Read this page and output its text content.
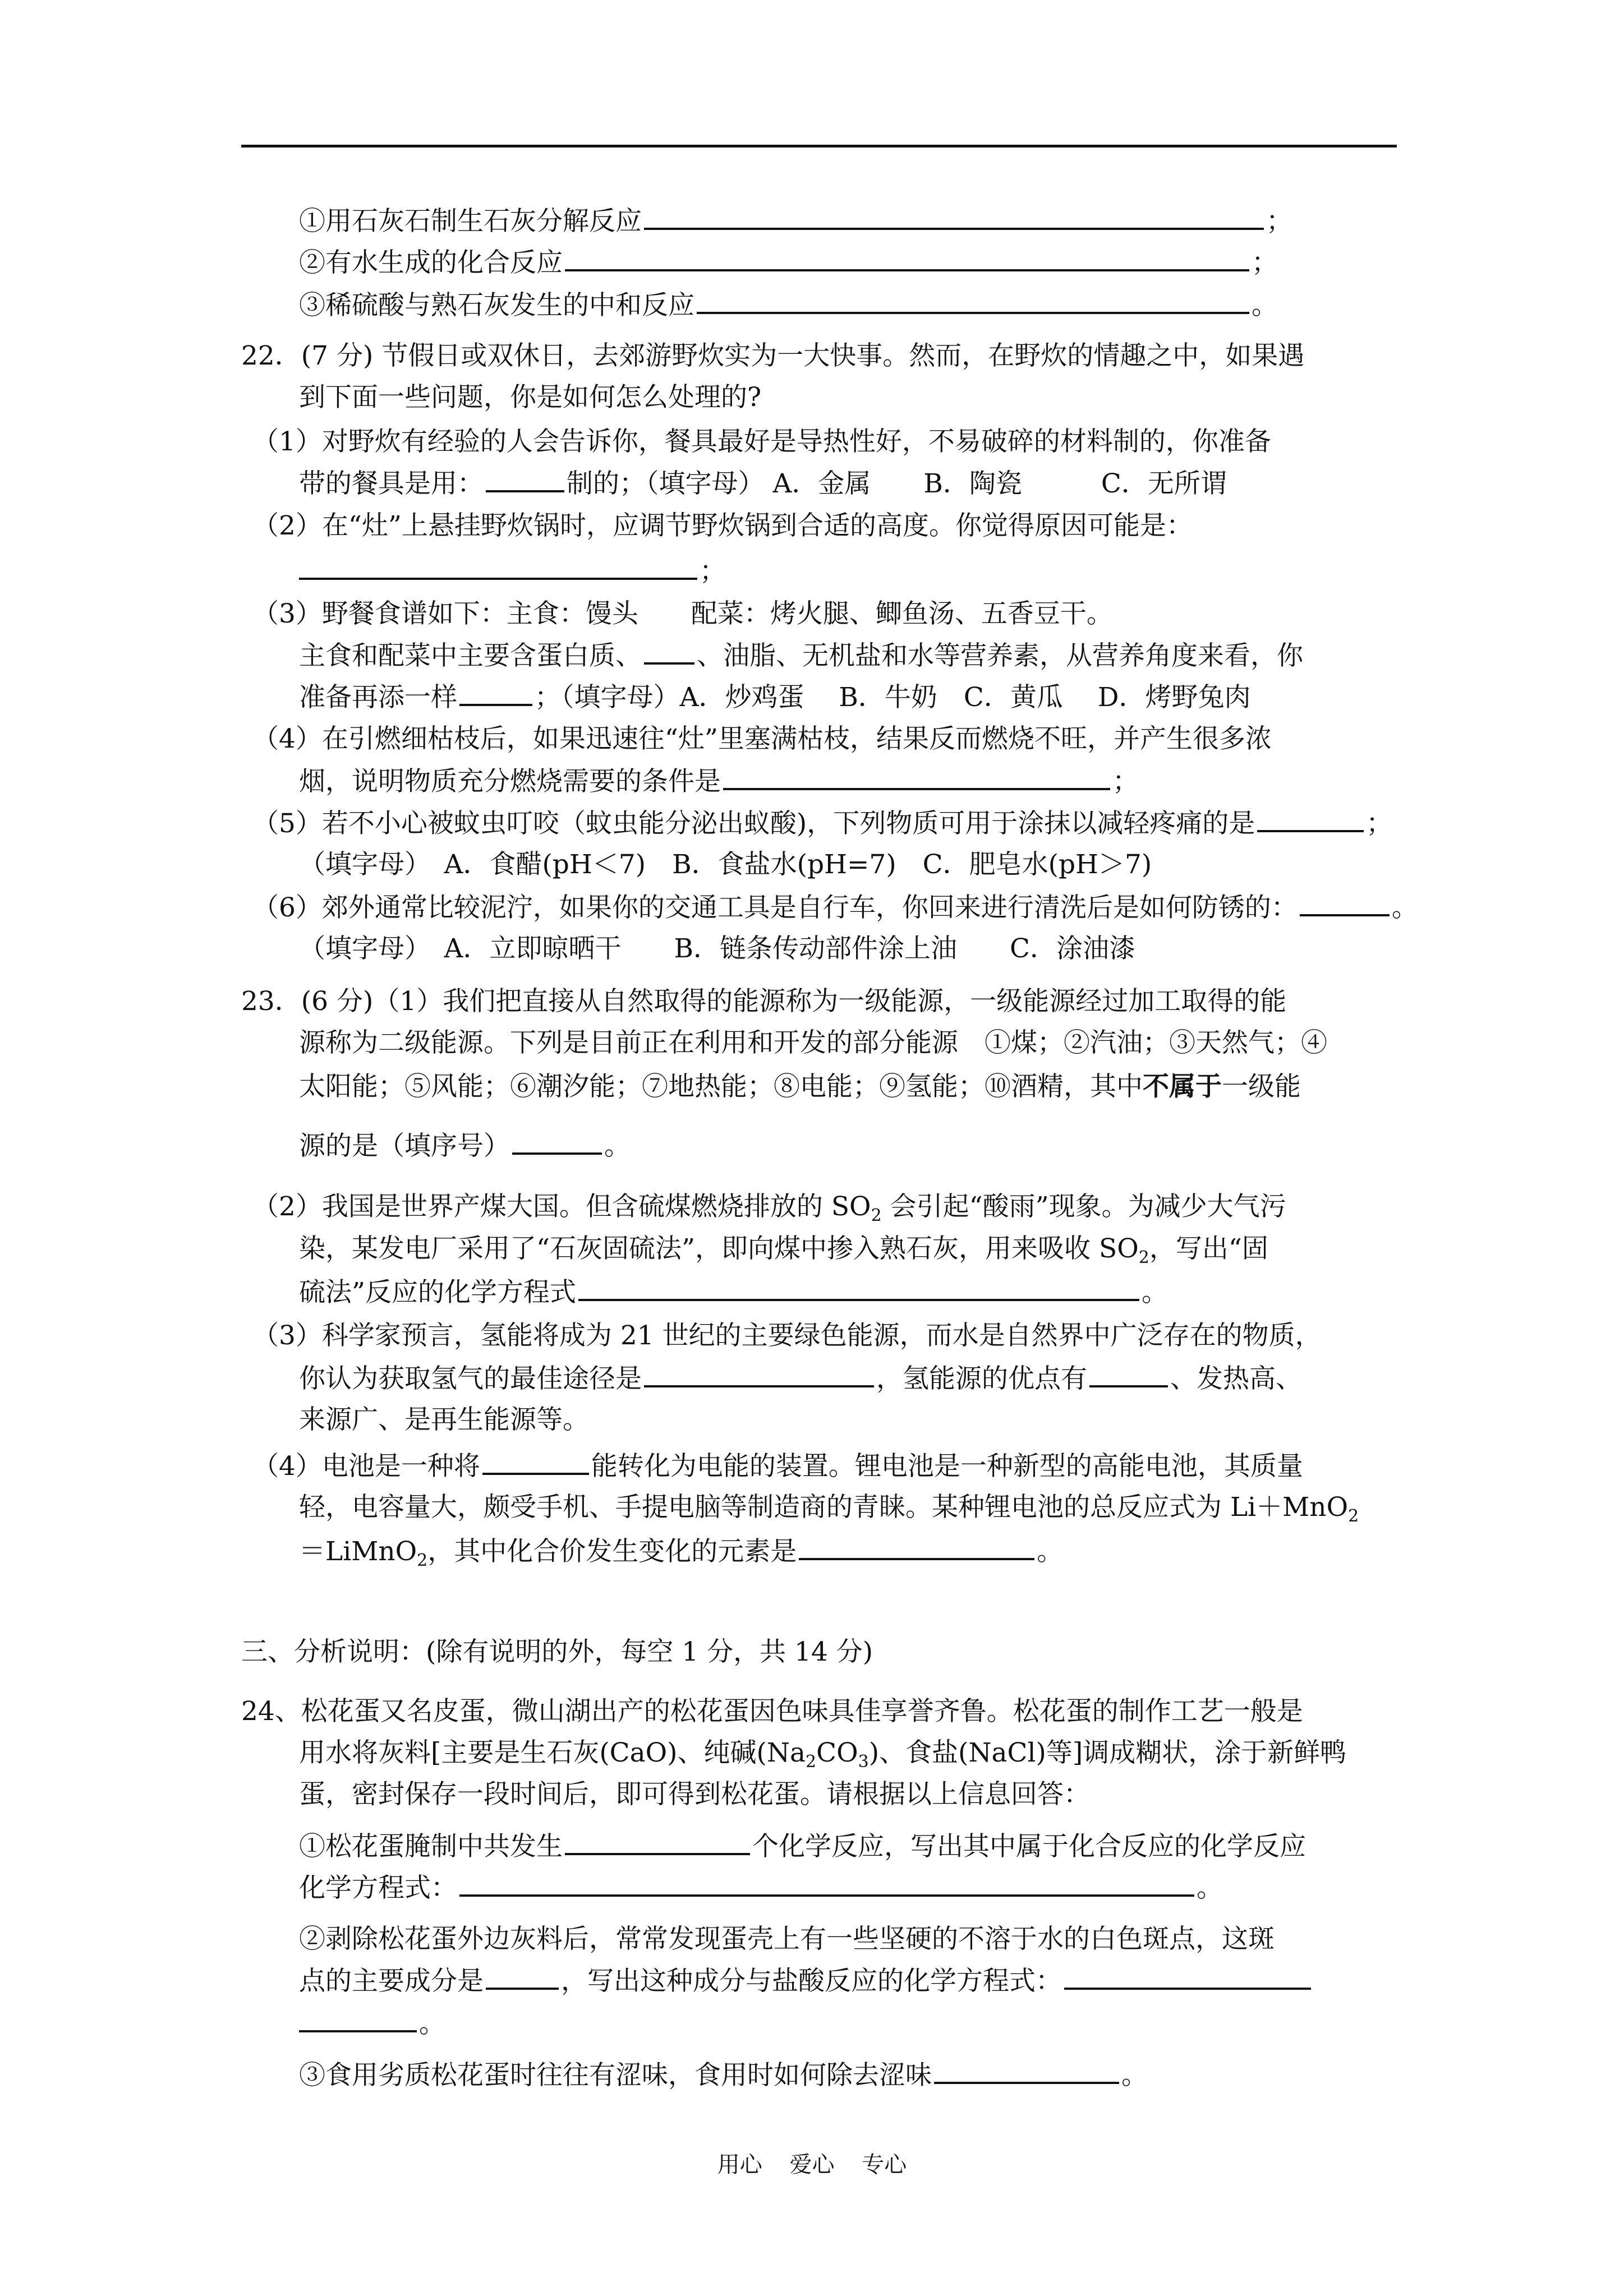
①用石灰石制生石灰分解反应	；
②有水生成的化合反应	；
③稀硫酸与熟石灰发生的中和反应	。
22．(7 分) 节假日或双休日，去郊游野炊实为一大快事。然而，在野炊的情趣之中，如果遇
到下面一些问题，你是如何怎么处理的?
（1）对野炊有经验的人会告诉你，餐具最好是导热性好，不易破碎的材料制的，你准备
带的餐具是用：	制的；（填字母） A．金属　　B．陶瓷　　　C．无所谓
（2）在“灶”上悬挂野炊锅时，应调节野炊锅到合适的高度。你觉得原因可能是：
；
（3）野餐食谱如下：主食：馒头　　配菜：烤火腿、鲫鱼汤、五香豆干。
主食和配菜中主要含蛋白质、 、油脂、无机盐和水等营养素，从营养角度来看，你
准备再添一样	；（填字母）A．炒鸡蛋　 B．牛奶　C．黄瓜　 D．烤野兔肉
（4）在引燃细枯枝后，如果迅速往“灶”里塞满枯枝，结果反而燃烧不旺，并产生很多浓
烟，说明物质充分燃烧需要的条件是	；
（5）若不小心被蚊虫叮咬（蚊虫能分泌出蚁酸)，下列物质可用于涂抹以减轻疼痛的是	；
（填字母）　A．食醋(pH＜7)　B．食盐水(pH=7)　C．肥皂水(pH＞7)
（6）郊外通常比较泥泞，如果你的交通工具是自行车，你回来进行清洗后是如何防锈的：	。
（填字母）　A．立即晾晒干　　B．链条传动部件涂上油　　C．涂油漆
23．(6 分)（1）我们把直接从自然取得的能源称为一级能源，一级能源经过加工取得的能
源称为二级能源。下列是目前正在利用和开发的部分能源　①煤；②汽油；③天然气；④
太阳能；⑤风能；⑥潮汐能；⑦地热能；⑧电能；⑨氢能；⑩酒精，其中不属于一级能
源的是（填序号）	。
（2）我国是世界产煤大国。但含硫煤燃烧排放的 $SO_2$ 会引起“酸雨”现象。为减少大气污
染，某发电厂采用了“石灰固硫法”，即向煤中掺入熟石灰，用来吸收 $SO_2$，写出“固
硫法”反应的化学方程式	。
（3）科学家预言，氢能将成为 21 世纪的主要绿色能源，而水是自然界中广泛存在的物质，
你认为获取氢气的最佳途径是	，氢能源的优点有	、发热高、
来源广、是再生能源等。
（4）电池是一种将	能转化为电能的装置。锂电池是一种新型的高能电池，其质量
轻，电容量大，颇受手机、手提电脑等制造商的青睐。某种锂电池的总反应式为 Li＋MnO$_2$
＝LiMnO$_2$，其中化合价发生变化的元素是	。
三、分析说明：(除有说明的外，每空 1 分，共 14 分)
24、松花蛋又名皮蛋，微山湖出产的松花蛋因色味具佳享誉齐鲁。松花蛋的制作工艺一般是
用水将灰料[主要是生石灰(CaO)、纯碱$(Na_2CO_3)$、食盐(NaCl)等]调成糊状，涂于新鲜鸭
蛋，密封保存一段时间后，即可得到松花蛋。请根据以上信息回答：
①松花蛋腌制中共发生	个化学反应，写出其中属于化合反应的化学反应
化学方程式：	。
②剥除松花蛋外边灰料后，常常发现蛋壳上有一些坚硬的不溶于水的白色斑点，这斑
点的主要成分是	，写出这种成分与盐酸反应的化学方程式：
。
③食用劣质松花蛋时往往有涩味，食用时如何除去涩味	。
用心 爱心 专心
